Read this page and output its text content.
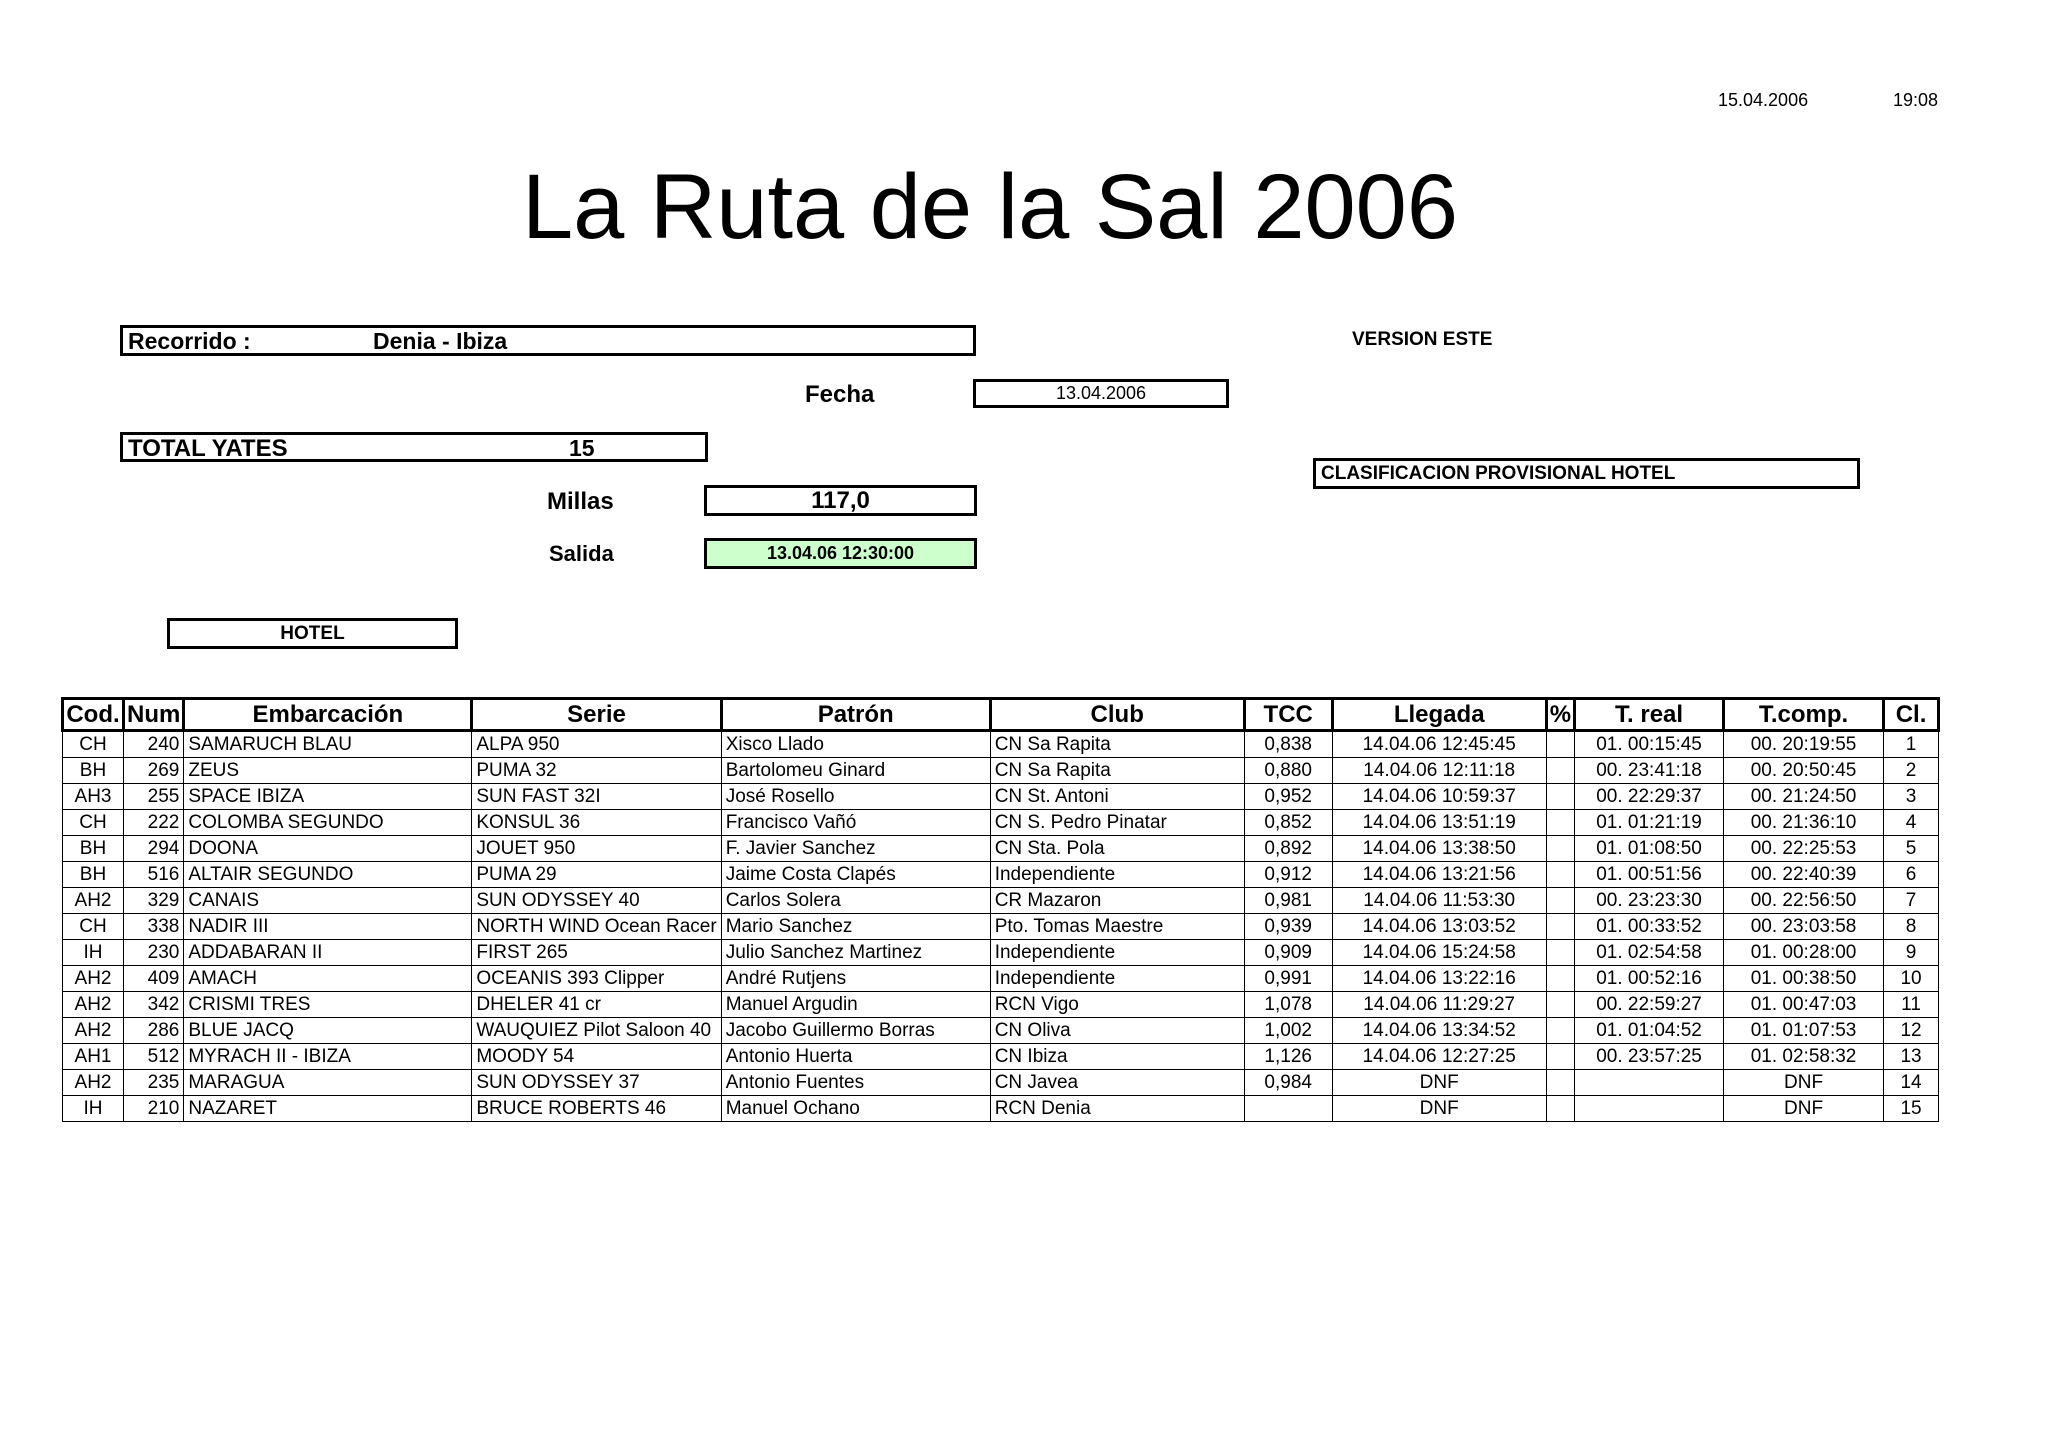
15.04.2006	19:08
La Ruta de la Sal 2006
Recorrido :	Denia - Ibiza	VERSION ESTE
Fecha	13.04.2006
TOTAL YATES	15
CLASIFICACION PROVISIONAL HOTEL
Millas	117,0
Salida	13.04.06 12:30:00
HOTEL
Cod.	Num	Embarcación	Serie	Patrón	Club	TCC	Llegada	%	T. real	T.comp.	Cl.
CH	240	SAMARUCH BLAU	ALPA 950	Xisco Llado	CN Sa Rapita	0,838	14.04.06 12:45:45		01. 00:15:45	00. 20:19:55	1
BH	269	ZEUS	PUMA 32	Bartolomeu Ginard	CN Sa Rapita	0,880	14.04.06 12:11:18		00. 23:41:18	00. 20:50:45	2
AH3	255	SPACE IBIZA	SUN FAST 32I	José Rosello	CN St. Antoni	0,952	14.04.06 10:59:37		00. 22:29:37	00. 21:24:50	3
CH	222	COLOMBA SEGUNDO	KONSUL 36	Francisco Vañó	CN S. Pedro Pinatar	0,852	14.04.06 13:51:19		01. 01:21:19	00. 21:36:10	4
BH	294	DOONA	JOUET 950	F. Javier Sanchez	CN Sta. Pola	0,892	14.04.06 13:38:50		01. 01:08:50	00. 22:25:53	5
BH	516	ALTAIR SEGUNDO	PUMA 29	Jaime Costa Clapés	Independiente	0,912	14.04.06 13:21:56		01. 00:51:56	00. 22:40:39	6
AH2	329	CANAIS	SUN ODYSSEY 40	Carlos Solera	CR Mazaron	0,981	14.04.06 11:53:30		00. 23:23:30	00. 22:56:50	7
CH	338	NADIR III	NORTH WIND Ocean Racer	Mario Sanchez	Pto. Tomas Maestre	0,939	14.04.06 13:03:52		01. 00:33:52	00. 23:03:58	8
IH	230	ADDABARAN II	FIRST 265	Julio Sanchez Martinez	Independiente	0,909	14.04.06 15:24:58		01. 02:54:58	01. 00:28:00	9
AH2	409	AMACH	OCEANIS 393 Clipper	André Rutjens	Independiente	0,991	14.04.06 13:22:16		01. 00:52:16	01. 00:38:50	10
AH2	342	CRISMI TRES	DHELER 41 cr	Manuel Argudin	RCN Vigo	1,078	14.04.06 11:29:27		00. 22:59:27	01. 00:47:03	11
AH2	286	BLUE JACQ	WAUQUIEZ Pilot Saloon 40	Jacobo Guillermo Borras	CN Oliva	1,002	14.04.06 13:34:52		01. 01:04:52	01. 01:07:53	12
AH1	512	MYRACH II - IBIZA	MOODY 54	Antonio Huerta	CN Ibiza	1,126	14.04.06 12:27:25		00. 23:57:25	01. 02:58:32	13
AH2	235	MARAGUA	SUN ODYSSEY 37	Antonio Fuentes	CN Javea	0,984	DNF			DNF	14
IH	210	NAZARET	BRUCE ROBERTS 46	Manuel Ochano	RCN Denia		DNF			DNF	15
